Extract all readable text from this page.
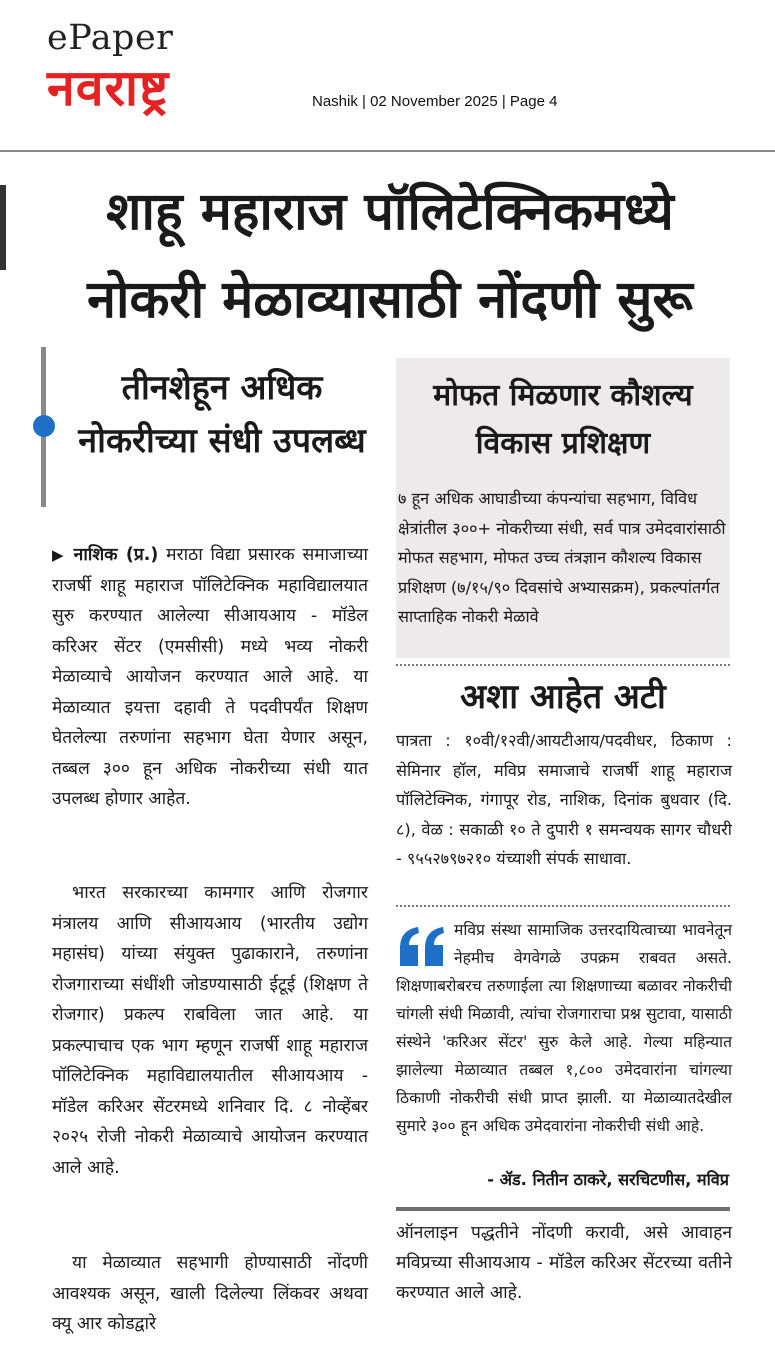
ePaper
नवराष्ट्र	Nashik | 02 November 2025 | Page 4
शाहू महाराज पॉलिटेक्निकमध्ये
नोकरी मेळाव्यासाठी नोंदणी सुरू
तीनशेहून अधिक नोकरीच्या संधी उपलब्ध

▶ नाशिक (प्र.) मराठा विद्या प्रसारक समाजाच्या राजर्षी शाहू महाराज पॉलिटेक्निक महाविद्यालयात सुरु करण्यात आलेल्या सीआयआय - मॉडेल करिअर सेंटर (एमसीसी) मध्ये भव्य नोकरी मेळाव्याचे आयोजन करण्यात आले आहे. या मेळाव्यात इयत्ता दहावी ते पदवीपर्यंत शिक्षण घेतलेल्या तरुणांना सहभाग घेता येणार असून, तब्बल ३०० हून अधिक नोकरीच्या संधी यात उपलब्ध होणार आहेत.

भारत सरकारच्या कामगार आणि रोजगार मंत्रालय आणि सीआयआय (भारतीय उद्योग महासंघ) यांच्या संयुक्त पुढाकाराने, तरुणांना रोजगाराच्या संधींशी जोडण्यासाठी ईटूई (शिक्षण ते रोजगार) प्रकल्प राबविला जात आहे. या प्रकल्पाचाच एक भाग म्हणून राजर्षी शाहू महाराज पॉलिटेक्निक महाविद्यालयातील सीआयआय - मॉडेल करिअर सेंटरमध्ये शनिवार दि. ८ नोव्हेंबर २०२५ रोजी नोकरी मेळाव्याचे आयोजन करण्यात आले आहे.

या मेळाव्यात सहभागी होण्यासाठी नोंदणी आवश्यक असून, खाली दिलेल्या लिंकवर अथवा क्यू आर कोडद्वारे

मोफत मिळणार कौशल्य विकास प्रशिक्षण

७ हून अधिक आघाडीच्या कंपन्यांचा सहभाग, विविध क्षेत्रांतील ३००+ नोकरीच्या संधी, सर्व पात्र उमेदवारांसाठी मोफत सहभाग, मोफत उच्च तंत्रज्ञान कौशल्य विकास प्रशिक्षण (७/१५/९० दिवसांचे अभ्यासक्रम), प्रकल्पांतर्गत साप्ताहिक नोकरी मेळावे

अशा आहेत अटी

पात्रता : १०वी/१२वी/आयटीआय/पदवीधर, ठिकाण : सेमिनार हॉल, मविप्र समाजाचे राजर्षी शाहू महाराज पॉलिटेक्निक, गंगापूर रोड, नाशिक, दिनांक बुधवार (दि. ८), वेळ : सकाळी १० ते दुपारी १ समन्वयक सागर चौधरी - ९५५२७९७२१० यंच्याशी संपर्क साधावा.

मविप्र संस्था सामाजिक उत्तरदायित्वाच्या भावनेतून नेहमीच वेगवेगळे उपक्रम राबवत असते. शिक्षणाबरोबरच तरुणाईला त्या शिक्षणाच्या बळावर नोकरीची चांगली संधी मिळावी, त्यांचा रोजगाराचा प्रश्न सुटावा, यासाठी संस्थेने 'करिअर सेंटर' सुरु केले आहे. गेल्या महिन्यात झालेल्या मेळाव्यात तब्बल १,८०० उमेदवारांना चांगल्या ठिकाणी नोकरीची संधी प्राप्त झाली. या मेळाव्यातदेखील सुमारे ३०० हून अधिक उमेदवारांना नोकरीची संधी आहे.

- ॲड. नितीन ठाकरे, सरचिटणीस, मविप्र

ऑनलाइन पद्धतीने नोंदणी करावी, असे आवाहन मविप्रच्या सीआयआय - मॉडेल करिअर सेंटरच्या वतीने करण्यात आले आहे.
